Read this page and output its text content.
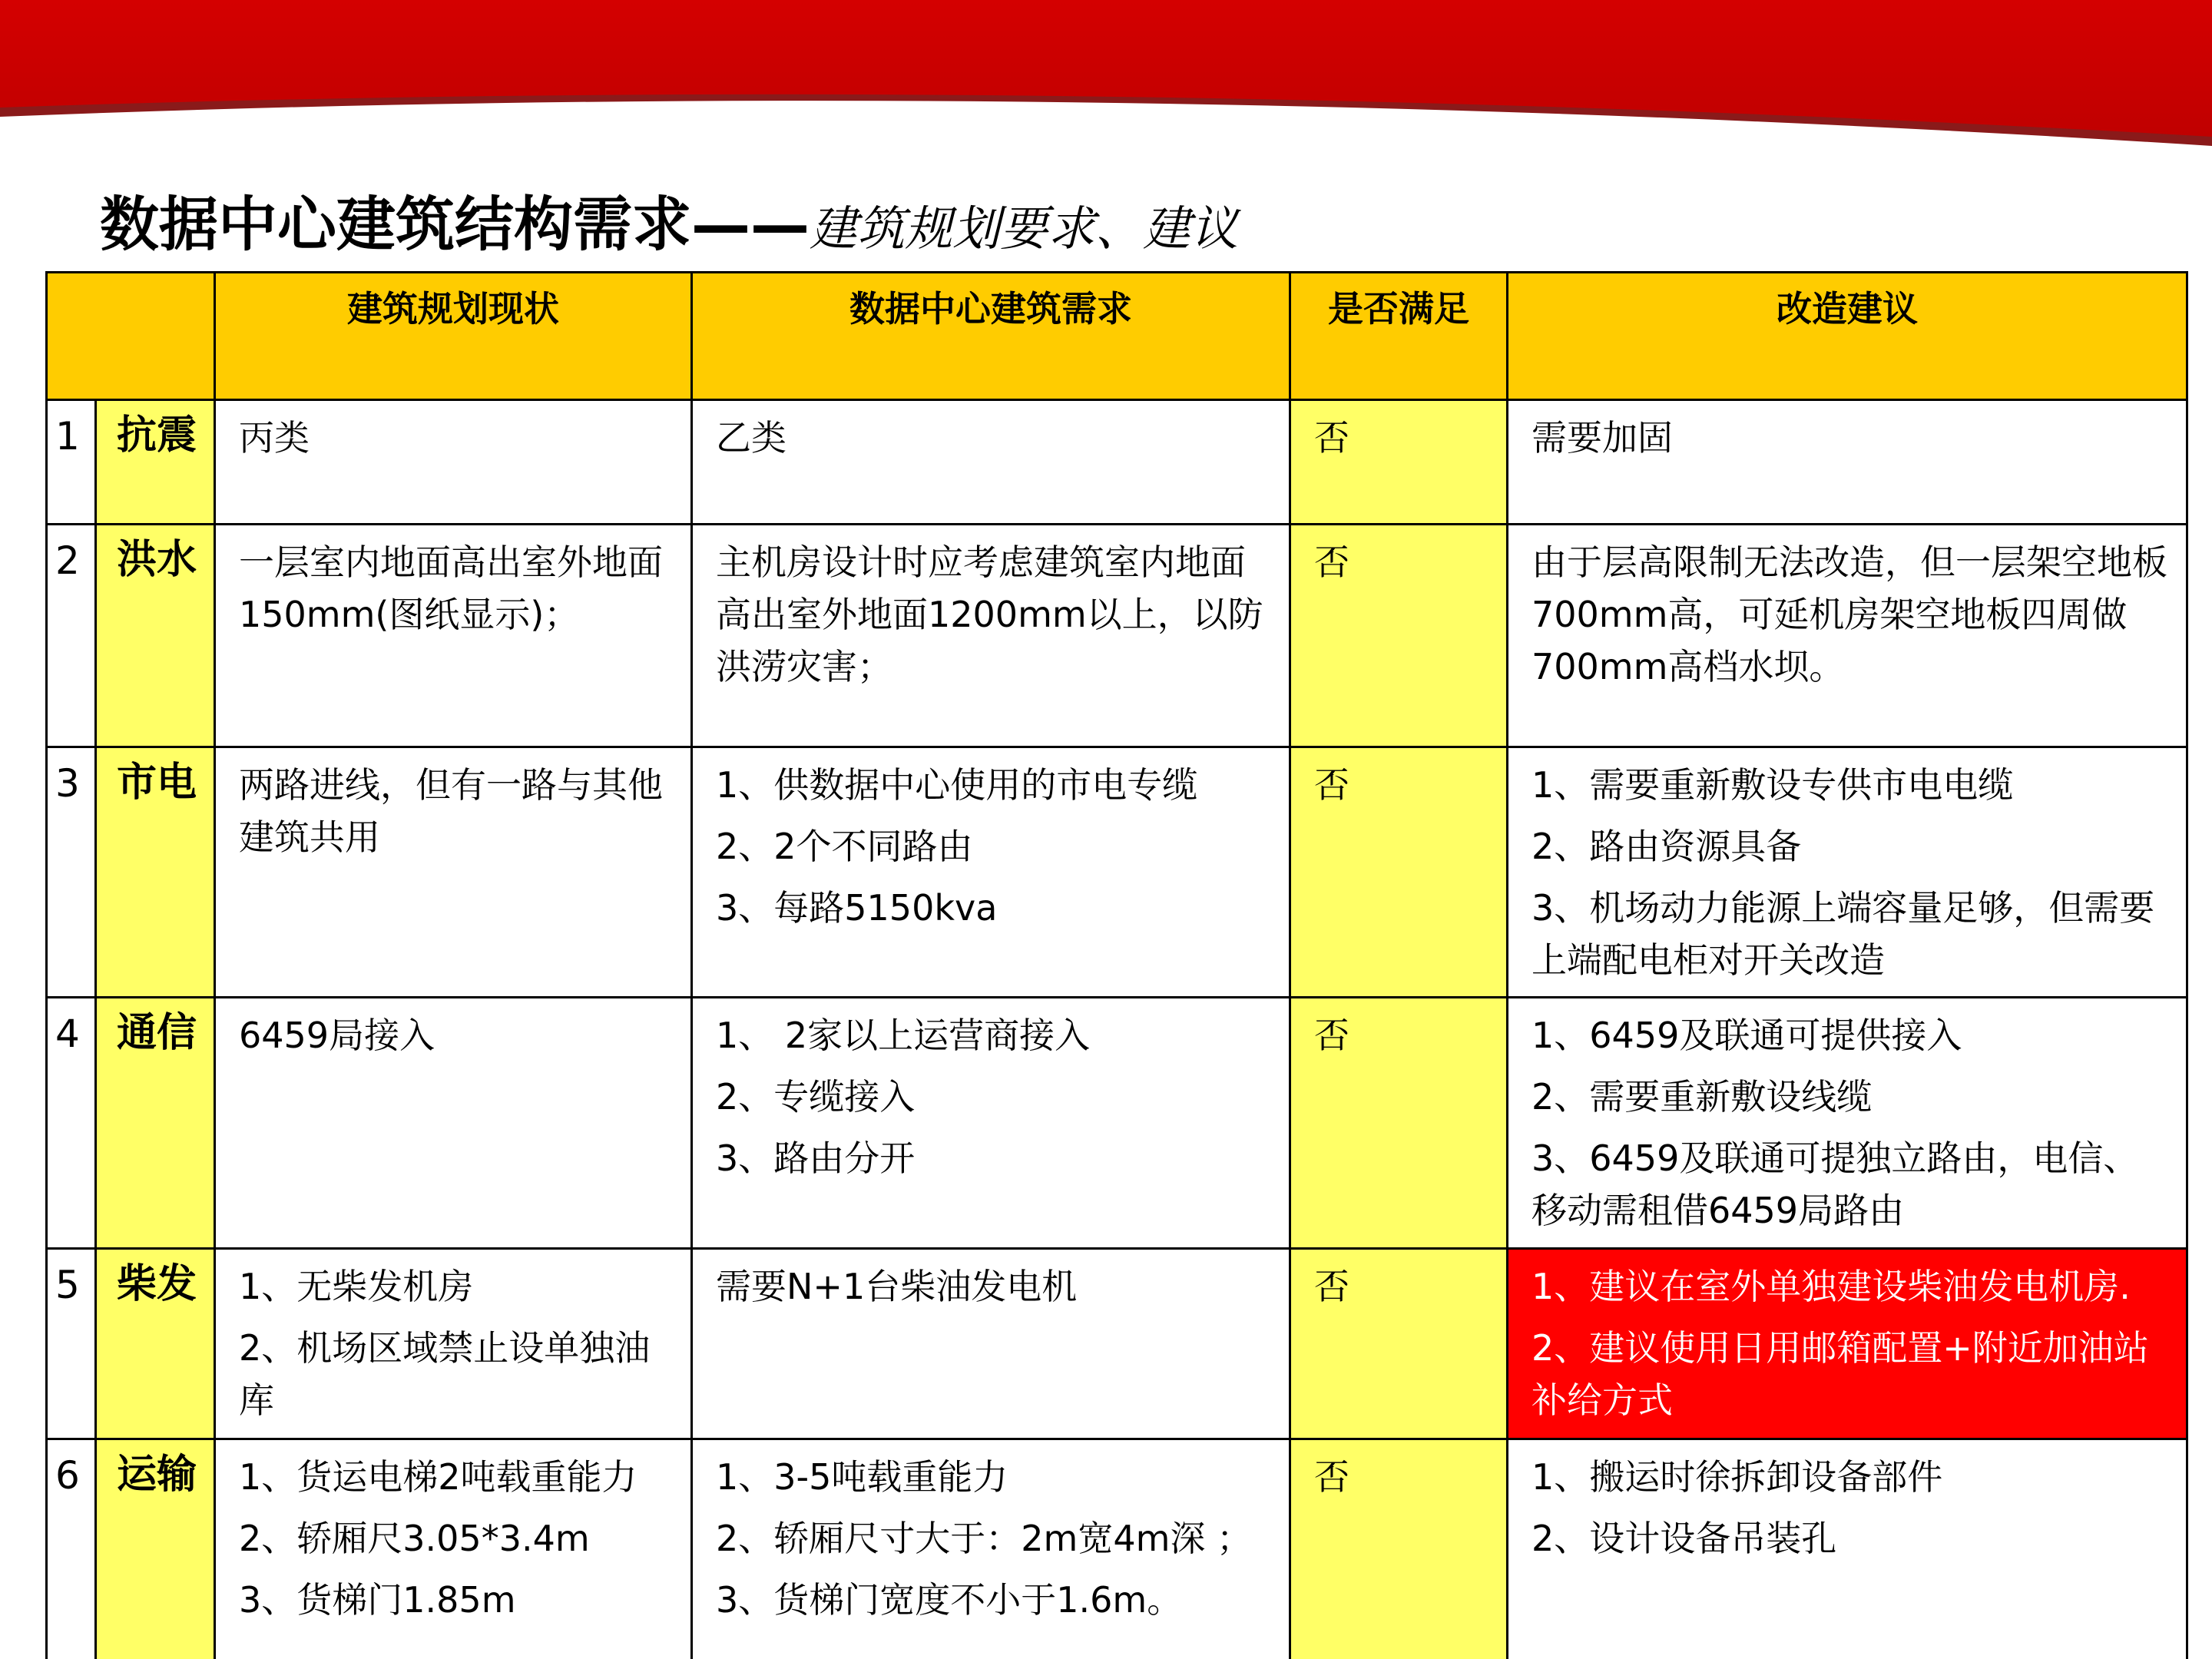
数据中心建筑结构需求——建筑规划要求、建议
		建筑规划现状	数据中心建筑需求	是否满足	改造建议
1	抗震	丙类	乙类	否	需要加固

2	洪水	一层室内地面高出室外地面150mm(图纸显示)；	主机房设计时应考虑建筑室内地面高出室外地面1200mm以上，以防洪涝灾害；	否	由于层高限制无法改造，但一层架空地板700mm高，可延机房架空地板四周做700mm高档水坝。

3	市电	两路进线，但有一路与其他建筑共用	1、供数据中心使用的市电专缆
2、2个不同路由
3、每路5150kva	否	1、需要重新敷设专供市电电缆
2、路由资源具备
3、机场动力能源上端容量足够，但需要上端配电柜对开关改造

4	通信	6459局接入	1、 2家以上运营商接入
2、专缆接入
3、路由分开	否	1、6459及联通可提供接入
2、需要重新敷设线缆
3、6459及联通可提独立路由，电信、移动需租借6459局路由

5	柴发	1、无柴发机房
2、机场区域禁止设单独油库	需要N+1台柴油发电机	否	1、建议在室外单独建设柴油发电机房.
2、建议使用日用邮箱配置+附近加油站补给方式

6	运输	1、货运电梯2吨载重能力
2、轿厢尺3.05*3.4m
3、货梯门1.85m	1、3-5吨载重能力
2、轿厢尺寸大于：2m宽4m深 ；
3、货梯门宽度不小于1.6m。	否	1、搬运时徐拆卸设备部件
2、设计设备吊装孔
